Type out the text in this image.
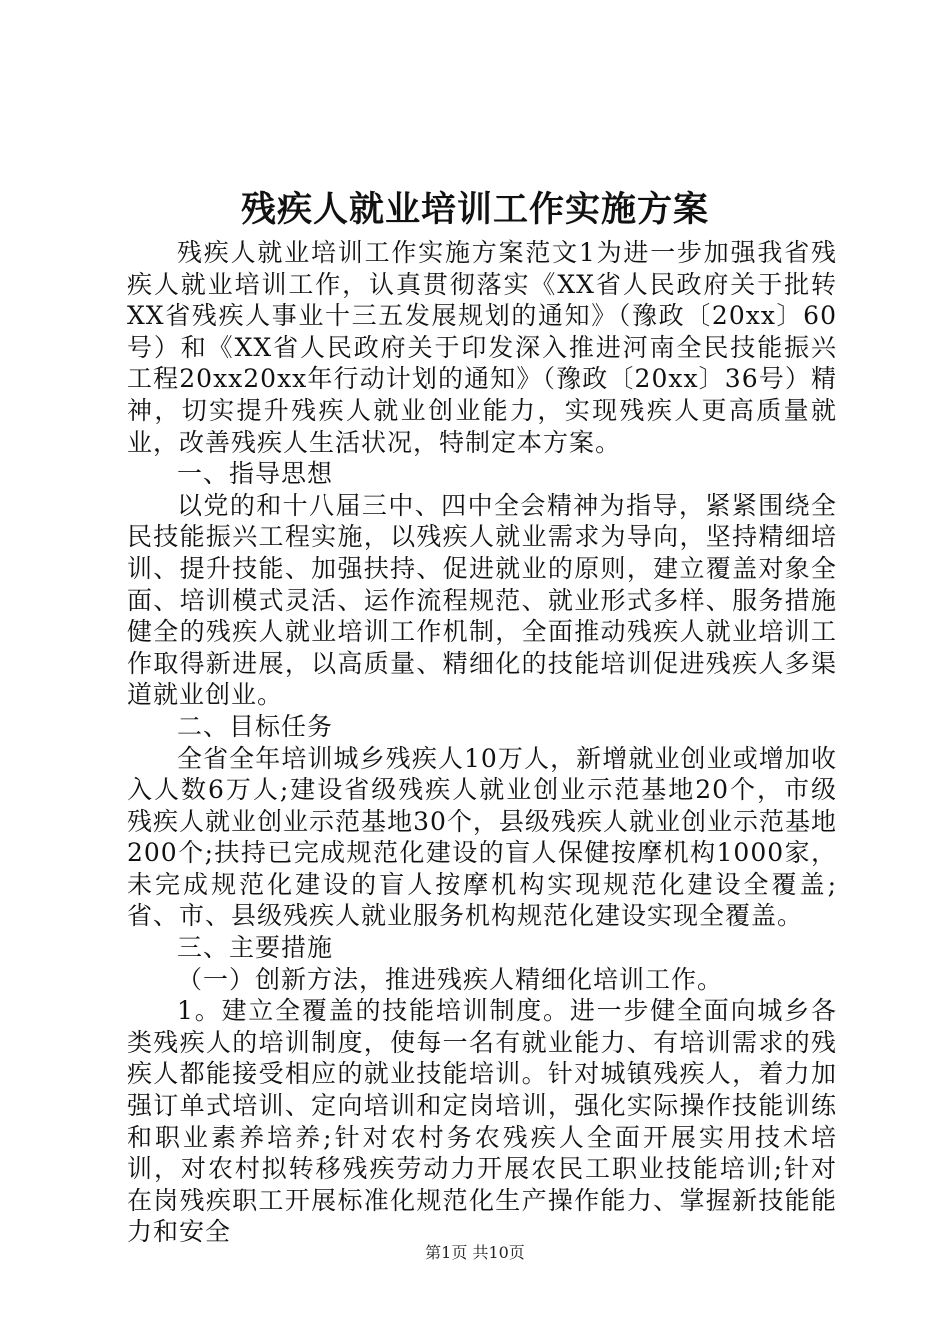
残疾人就业培训工作实施方案

残疾人就业培训工作实施方案范文1为进一步加强我省残疾人就业培训工作，认真贯彻落实《XX省人民政府关于批转XX省残疾人事业十三五发展规划的通知》（豫政〔20xx〕60号）和《XX省人民政府关于印发深入推进河南全民技能振兴工程20xx20xx年行动计划的通知》（豫政〔20xx〕36号）精神，切实提升残疾人就业创业能力，实现残疾人更高质量就业，改善残疾人生活状况，特制定本方案。

一、指导思想

以党的和十八届三中、四中全会精神为指导，紧紧围绕全民技能振兴工程实施，以残疾人就业需求为导向，坚持精细培训、提升技能、加强扶持、促进就业的原则，建立覆盖对象全面、培训模式灵活、运作流程规范、就业形式多样、服务措施健全的残疾人就业培训工作机制，全面推动残疾人就业培训工作取得新进展，以高质量、精细化的技能培训促进残疾人多渠道就业创业。

二、目标任务

全省全年培训城乡残疾人10万人，新增就业创业或增加收入人数6万人;建设省级残疾人就业创业示范基地20个，市级残疾人就业创业示范基地30个，县级残疾人就业创业示范基地200个;扶持已完成规范化建设的盲人保健按摩机构1000家，未完成规范化建设的盲人按摩机构实现规范化建设全覆盖;省、市、县级残疾人就业服务机构规范化建设实现全覆盖。

三、主要措施

（一）创新方法，推进残疾人精细化培训工作。

1。建立全覆盖的技能培训制度。进一步健全面向城乡各类残疾人的培训制度，使每一名有就业能力、有培训需求的残疾人都能接受相应的就业技能培训。针对城镇残疾人，着力加强订单式培训、定向培训和定岗培训，强化实际操作技能训练和职业素养培养;针对农村务农残疾人全面开展实用技术培训，对农村拟转移残疾劳动力开展农民工职业技能培训;针对在岗残疾职工开展标准化规范化生产操作能力、掌握新技能能力和安全

第1页 共10页
